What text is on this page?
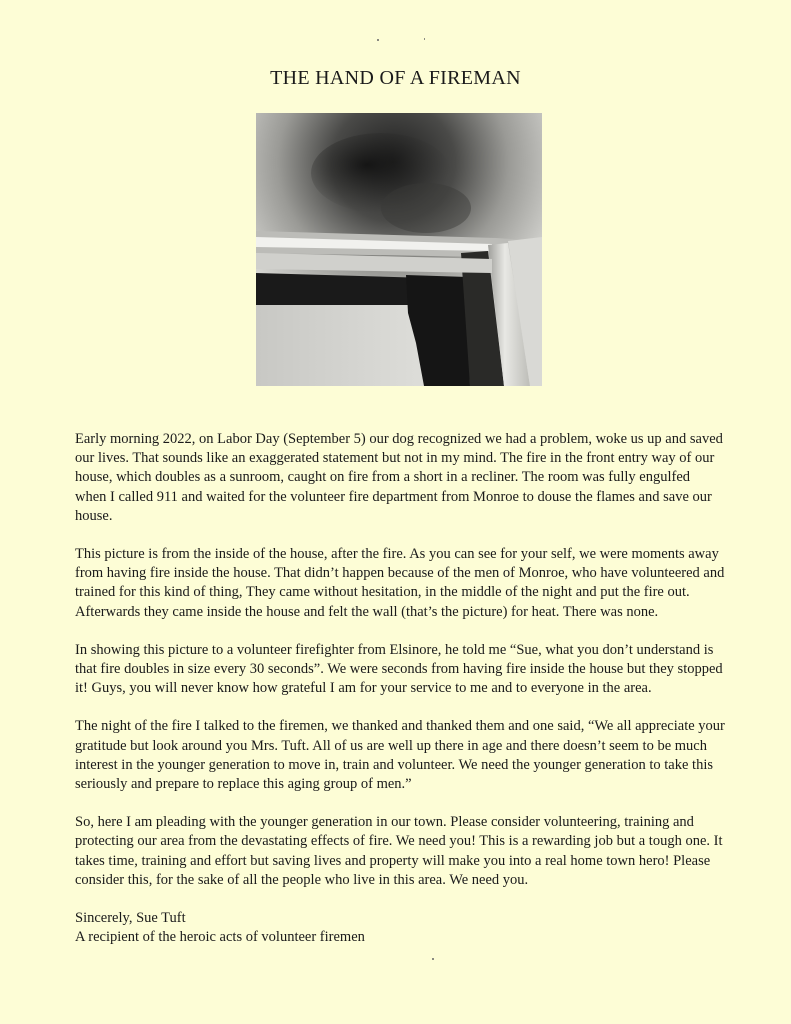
THE HAND OF A FIREMAN

Early morning 2022, on Labor Day (September 5) our dog recognized we had a problem, woke us up and saved our lives. That sounds like an exaggerated statement but not in my mind. The fire in the front entry way of our house, which doubles as a sunroom, caught on fire from a short in a recliner. The room was fully engulfed when I called 911 and waited for the volunteer fire department from Monroe to douse the flames and save our house.

This picture is from the inside of the house, after the fire. As you can see for your self, we were moments away from having fire inside the house. That didn’t happen because of the men of Monroe, who have volunteered and trained for this kind of thing, They came without hesitation, in the middle of the night and put the fire out. Afterwards they came inside the house and felt the wall (that’s the picture) for heat. There was none.

In showing this picture to a volunteer firefighter from Elsinore, he told me “Sue, what you don’t understand is that fire doubles in size every 30 seconds”. We were seconds from having fire inside the house but they stopped it! Guys, you will never know how grateful I am for your service to me and to everyone in the area.

The night of the fire I talked to the firemen, we thanked and thanked them and one said, “We all appreciate your gratitude but look around you Mrs. Tuft. All of us are well up there in age and there doesn’t seem to be much interest in the younger generation to move in, train and volunteer. We need the younger generation to take this seriously and prepare to replace this aging group of men.”

So, here I am pleading with the younger generation in our town. Please consider volunteering, training and protecting our area from the devastating effects of fire. We need you! This is a rewarding job but a tough one. It takes time, training and effort but saving lives and property will make you into a real home town hero! Please consider this, for the sake of all the people who live in this area. We need you.

Sincerely, Sue Tuft

A recipient of the heroic acts of volunteer firemen
